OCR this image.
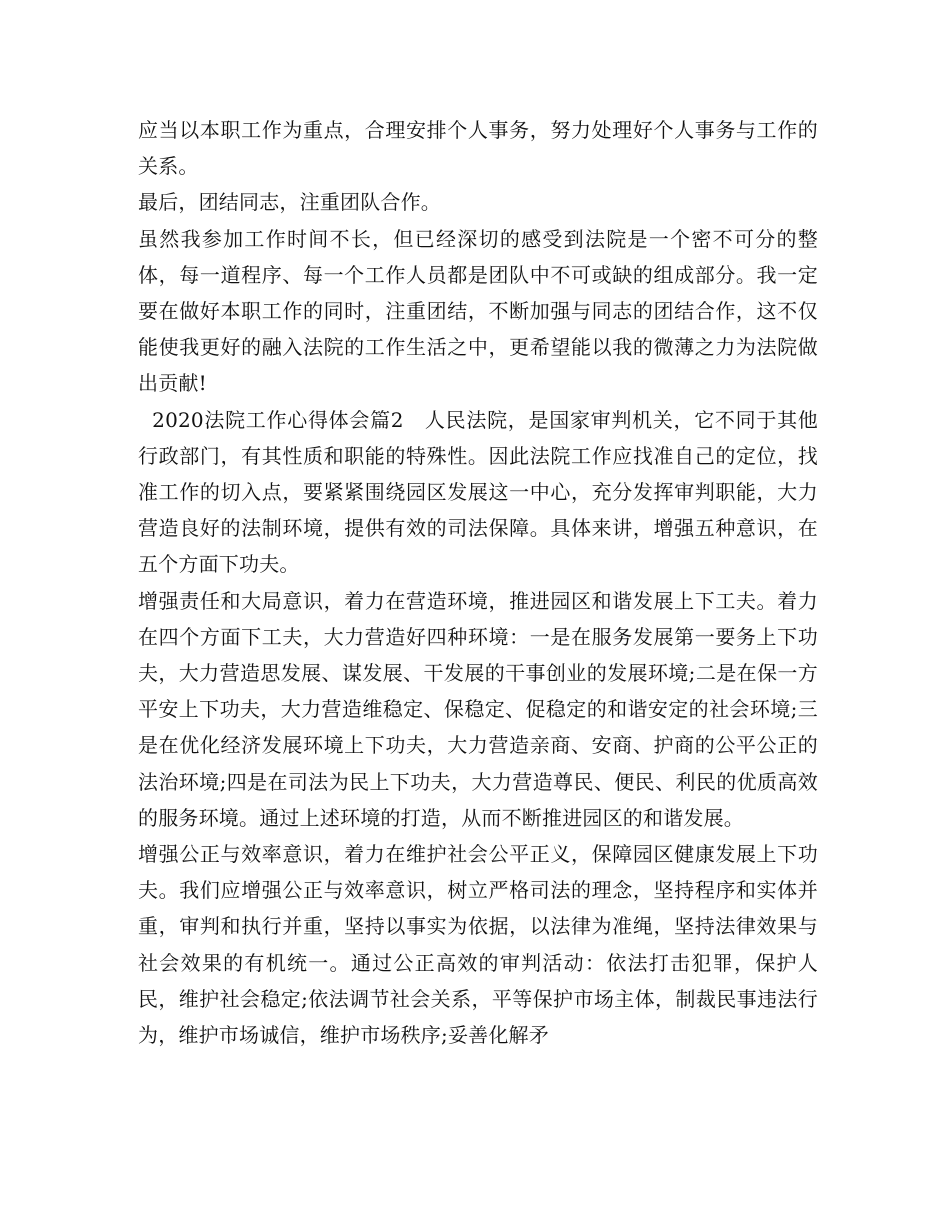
应当以本职工作为重点，合理安排个人事务，努力处理好个人事务与工作的关系。

最后，团结同志，注重团队合作。

虽然我参加工作时间不长，但已经深切的感受到法院是一个密不可分的整体，每一道程序、每一个工作人员都是团队中不可或缺的组成部分。我一定要在做好本职工作的同时，注重团结，不断加强与同志的团结合作，这不仅能使我更好的融入法院的工作生活之中，更希望能以我的微薄之力为法院做出贡献!

2020法院工作心得体会篇2   人民法院，是国家审判机关，它不同于其他行政部门，有其性质和职能的特殊性。因此法院工作应找准自己的定位，找准工作的切入点，要紧紧围绕园区发展这一中心，充分发挥审判职能，大力营造良好的法制环境，提供有效的司法保障。具体来讲，增强五种意识，在五个方面下功夫。

增强责任和大局意识，着力在营造环境，推进园区和谐发展上下工夫。着力在四个方面下工夫，大力营造好四种环境：一是在服务发展第一要务上下功夫，大力营造思发展、谋发展、干发展的干事创业的发展环境;二是在保一方平安上下功夫，大力营造维稳定、保稳定、促稳定的和谐安定的社会环境;三是在优化经济发展环境上下功夫，大力营造亲商、安商、护商的公平公正的法治环境;四是在司法为民上下功夫，大力营造尊民、便民、利民的优质高效的服务环境。通过上述环境的打造，从而不断推进园区的和谐发展。

增强公正与效率意识，着力在维护社会公平正义，保障园区健康发展上下功夫。我们应增强公正与效率意识，树立严格司法的理念，坚持程序和实体并重，审判和执行并重，坚持以事实为依据，以法律为准绳，坚持法律效果与社会效果的有机统一。通过公正高效的审判活动：依法打击犯罪，保护人民，维护社会稳定;依法调节社会关系，平等保护市场主体，制裁民事违法行为，维护市场诚信，维护市场秩序;妥善化解矛
